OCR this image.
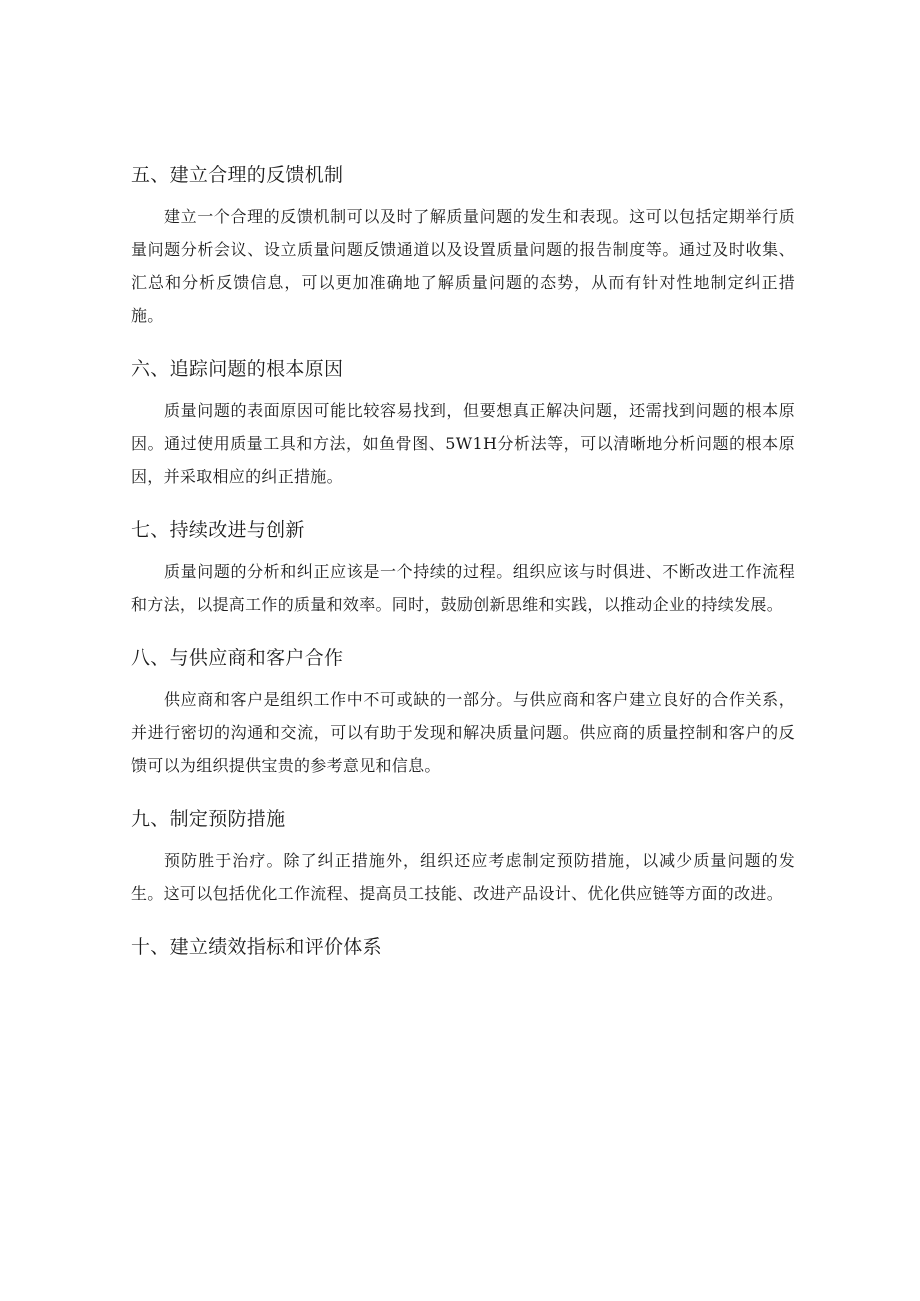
五、建立合理的反馈机制

建立一个合理的反馈机制可以及时了解质量问题的发生和表现。这可以包括定期举行质量问题分析会议、设立质量问题反馈通道以及设置质量问题的报告制度等。通过及时收集、汇总和分析反馈信息，可以更加准确地了解质量问题的态势，从而有针对性地制定纠正措施。

六、追踪问题的根本原因

质量问题的表面原因可能比较容易找到，但要想真正解决问题，还需找到问题的根本原因。通过使用质量工具和方法，如鱼骨图、5W1H分析法等，可以清晰地分析问题的根本原因，并采取相应的纠正措施。

七、持续改进与创新

质量问题的分析和纠正应该是一个持续的过程。组织应该与时俱进、不断改进工作流程和方法，以提高工作的质量和效率。同时，鼓励创新思维和实践，以推动企业的持续发展。

八、与供应商和客户合作

供应商和客户是组织工作中不可或缺的一部分。与供应商和客户建立良好的合作关系，并进行密切的沟通和交流，可以有助于发现和解决质量问题。供应商的质量控制和客户的反馈可以为组织提供宝贵的参考意见和信息。

九、制定预防措施

预防胜于治疗。除了纠正措施外，组织还应考虑制定预防措施，以减少质量问题的发生。这可以包括优化工作流程、提高员工技能、改进产品设计、优化供应链等方面的改进。

十、建立绩效指标和评价体系
